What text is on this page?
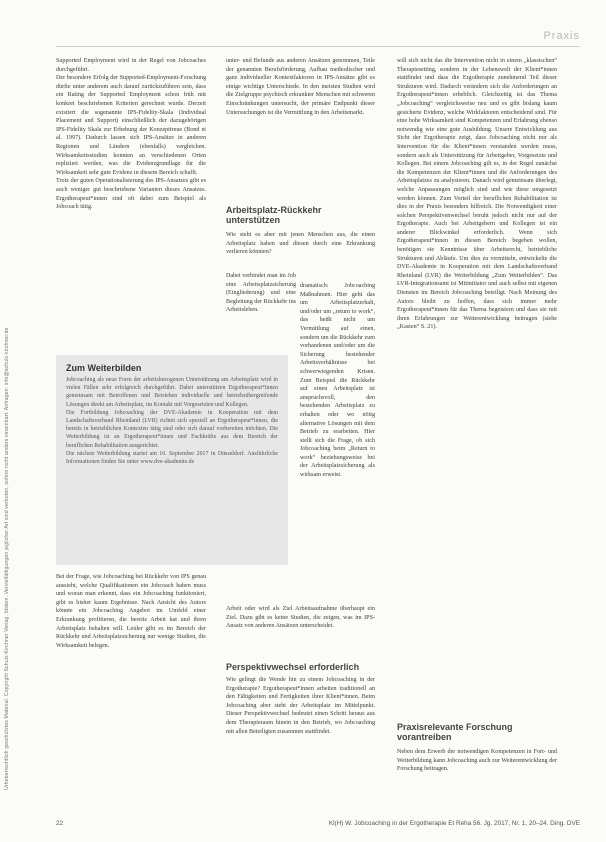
Urheberrechtlich geschütztes Material. Copyright Schulz-Kirchner Verlag, Idstein. Vervielfältigungen jeglicher Art sind verboten, sofern nicht anders vereinbart. Anfragen: info@schulz-kirchner.de
Praxis

Supported Employment wird in der Regel von Jobcoaches durchgeführt.

Der besondere Erfolg der Supported-Employment-Forschung dürfte unter anderem auch darauf zurückzuführen sein, dass ein Rating der Supported Employment schon früh mit konkret beschriebenen Kriterien gerechnet wurde. Derzeit existiert die sogenannte IPS-Fidelity-Skala (Individual Placement and Support) einschließlich der dazugehörigen IPS-Fidelity Skala zur Erhebung der Konzepttreue (Bond et al. 1997). Dadurch lassen sich IPS-Ansätze in anderen Regionen und Ländern (ebenfalls) vergleichen. Wirksamkeitsstudien konnten an verschiedenen Orten repliziert werden, was die Evidenzgrundlage für die Wirksamkeit sehr gute Evidenz in diesem Bereich schafft.

Trotz der guten Operationalisierung des IPS-Ansatzes gibt es auch weniger gut beschriebene Varianten dieses Ansatzes. Ergotherapeut*innen sind oft dabei zum Beispiel als Jobcoach tätig.

unter- und Befunde aus anderen Ansätzen genommen, Teile der genannten Berufsförderung, Aufbau methodischer und ganz individueller Kontextfaktoren in IPS-Ansätze gibt es einige wichtige Unterschiede. In den meisten Studien wird die Zielgruppe psychisch erkrankter Menschen mit schweren Einschränkungen untersucht, der primäre Endpunkt dieser Untersuchungen ist die Vermittlung in den Arbeitsmarkt.

Arbeitsplatz-Rückkehr unterstützen

Wie steht es aber mit jenen Menschen aus, die einen Arbeitsplatz haben und diesen durch eine Erkrankung verlieren könnten?

Dabei verbindet man im Job eine Arbeitsplatzsicherung (Eingliederung) und eine Begleitung der Rückkehr ins Arbeitsleben.
dramatisch: Jobcoaching Maßnahmen. Hier geht das um Arbeitsplatzerhalt, und/oder um „return to work“, das heißt nicht um Vermittlung auf einen, sondern um die Rückkehr zum vorhandenen und/oder um die Sicherung bestehender Arbeitsverhältnisse bei schwerwiegenden Krisen. Zum Beispiel die Rückkehr auf einen Arbeitsplatz ist anspruchsvoll, den bestehenden Arbeitsplatz zu erhalten oder wo nötig alternative Lösungen mit dem Betrieb zu erarbeiten. Hier stellt sich die Frage, ob sich Jobcoaching beim „Return to work“ beziehungsweise bei der Arbeitsplatzsicherung als wirksam erweist.
Zum Weiterbilden

Jobcoaching als neue Form der arbeitsbezogenen Unterstützung am Arbeitsplatz wird in vielen Fällen sehr erfolgreich durchgeführt. Dabei unterstützen Ergotherapeut*innen gemeinsam mit Betroffenen und Betrieben individuelle und betriebsübergreifende Lösungen direkt am Arbeitsplatz, im Kontakt mit Vorgesetzten und Kollegen.

Die Fortbildung Jobcoaching der DVE-Akademie in Kooperation mit dem Landschaftsverband Rheinland (LVR) richtet sich speziell an Ergotherapeut*innen, die bereits in betrieblichen Kontexten tätig sind oder sich darauf vorbereiten möchten. Die Weiterbildung ist an Ergotherapeut*innen und Fachkräfte aus dem Bereich der beruflichen Rehabilitation ausgerichtet.

Die nächste Weiterbildung startet am 16. September 2017 in Düsseldorf. Ausführliche Informationen finden Sie unter www.dve-akademie.de

Bei der Frage, wie Jobcoaching bei Rückkehr von IPS genau aussieht, welche Qualifikationen ein Jobcoach haben muss und woran man erkennt, dass ein Jobcoaching funktioniert, gibt es bisher kaum Ergebnisse. Nach Ansicht des Autors könnte ein Jobcoaching Angebot im Umfeld einer Erkrankung profitieren, die bereits Arbeit hat und ihren Arbeitsplatz behalten will. Leider gibt es im Bereich der Rückkehr und Arbeitsplatzsicherung nur wenige Studien, die Wirksamkeit belegen.

Arbeit oder wird als Ziel Arbeitsaufnahme überhaupt ein Ziel. Dazu gibt es keine Studien, die zeigen, was im IPS-Ansatz von anderen Ansätzen unterscheidet.

Perspektivwechsel erforderlich

Wie gelingt die Wende hin zu einem Jobcoaching in der Ergotherapie? Ergotherapeut*innen arbeiten traditionell an den Fähigkeiten und Fertigkeiten ihrer Klient*innen. Beim Jobcoaching aber steht der Arbeitsplatz im Mittelpunkt. Dieser Perspektivwechsel bedeutet einen Schritt heraus aus dem Therapieraum hinein in den Betrieb, wo Jobcoaching mit allen Beteiligten zusammen stattfindet.

will sich nicht das die Intervention nicht in einem „klassischen“ Therapiesetting, sondern in der Lebenswelt der Klient*innen stattfindet und dass die Ergotherapie zunehmend Teil dieser Strukturen wird. Dadurch verändern sich die Anforderungen an Ergotherapeut*innen erheblich. Gleichzeitig ist das Thema „Jobcoaching“ vergleichsweise neu und es gibt bislang kaum gesicherte Evidenz, welche Wirkfaktoren entscheidend sind. Für eine hohe Wirksamkeit sind Kompetenzen und Erfahrung ebenso notwendig wie eine gute Ausbildung. Unsere Entwicklung aus Sicht der Ergotherapie zeigt, dass Jobcoaching nicht nur als Intervention für die Klient*innen verstanden werden muss, sondern auch als Unterstützung für Arbeitgeber, Vorgesetzte und Kollegen. Bei einem Jobcoaching gilt es, in der Regel zunächst die Kompetenzen der Klient*innen und die Anforderungen des Arbeitsplatzes zu analysieren. Danach wird gemeinsam überlegt, welche Anpassungen möglich sind und wie diese umgesetzt werden können. Zum Vorteil der beruflichen Rehabilitation ist dies in der Praxis besonders hilfreich. Die Notwendigkeit einer solchen Perspektivenwechsel beruht jedoch nicht nur auf der Ergotherapie. Auch bei Arbeitgebern und Kollegen ist ein anderer Blickwinkel erforderlich. Wenn sich Ergotherapeut*innen in diesen Bereich begeben wollen, benötigen sie Kenntnisse über Arbeitsrecht, betriebliche Strukturen und Abläufe. Um dies zu vermitteln, entwickelte die DVE-Akademie in Kooperation mit dem Landschaftsverband Rheinland (LVR) die Weiterbildung „Zum Weiterbilden“. Das LVR-Integrationsamt ist Mitinitiator und auch selbst mit eigenen Diensten im Bereich Jobcoaching beteiligt. Nach Meinung des Autors bleibt zu hoffen, dass sich immer mehr Ergotherapeut*innen für das Thema begeistern und dass sie mit ihren Erfahrungen zur Weiterentwicklung beitragen (siehe „Kasten“ S. 21).

Praxisrelevante Forschung vorantreiben

Neben dem Erwerb der notwendigen Kompetenzen in Fort- und Weiterbildung kann Jobcoaching auch zur Weiterentwicklung der Forschung beitragen.

22	Kl(H) W. Jobcoaching in der Ergotherapie Et Reha 56. Jg. 2017, Nr. 1, 20–24. Ding. DVE
